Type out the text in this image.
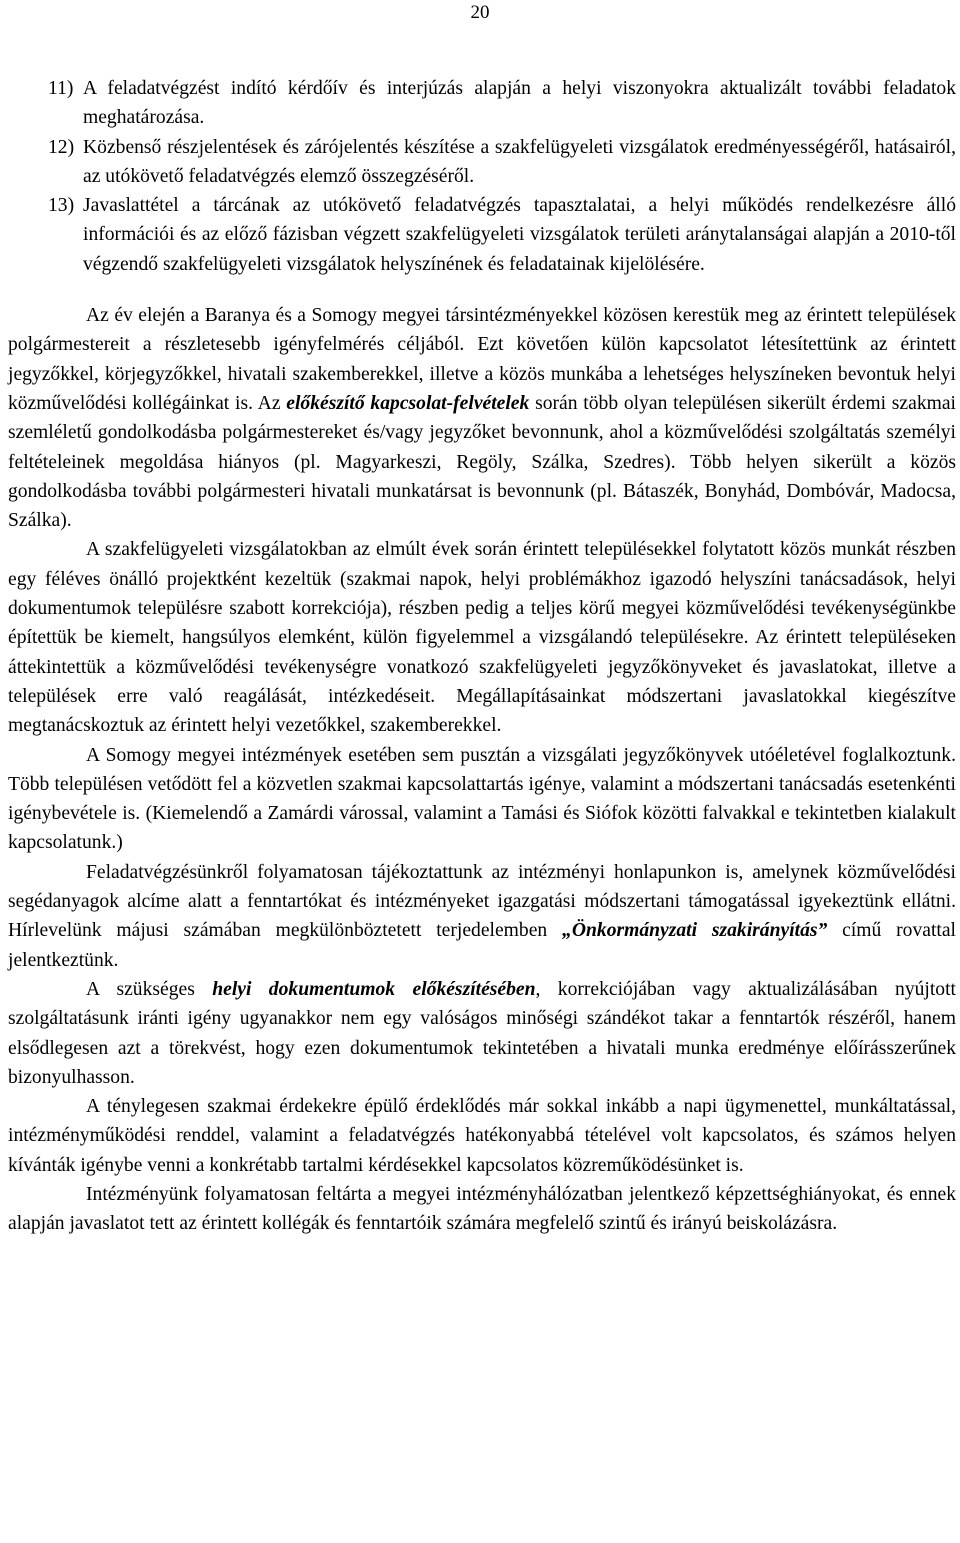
20
11) A feladatvégzést indító kérdőív és interjúzás alapján a helyi viszonyokra aktualizált további feladatok meghatározása.
12) Közbenső részjelentések és zárójelentés készítése a szakfelügyeleti vizsgálatok eredményességéről, hatásairól, az utókövető feladatvégzés elemző összegzéséről.
13) Javaslattétel a tárcának az utókövető feladatvégzés tapasztalatai, a helyi működés rendelkezésre álló információi és az előző fázisban végzett szakfelügyeleti vizsgálatok területi aránytalanságai alapján a 2010-től végzendő szakfelügyeleti vizsgálatok helyszínének és feladatainak kijelölésére.

Az év elején a Baranya és a Somogy megyei társintézményekkel közösen kerestük meg az érintett települések polgármestereit a részletesebb igényfelmérés céljából. Ezt követően külön kapcsolatot létesítettünk az érintett jegyzőkkel, körjegyzőkkel, hivatali szakemberekkel, illetve a közös munkába a lehetséges helyszíneken bevontuk helyi közművelődési kollégáinkat is. Az előkészítő kapcsolat-felvételek során több olyan településen sikerült érdemi szakmai szemléletű gondolkodásba polgármestereket és/vagy jegyzőket bevonnunk, ahol a közművelődési szolgáltatás személyi feltételeinek megoldása hiányos (pl. Magyarkeszi, Regöly, Szálka, Szedres). Több helyen sikerült a közös gondolkodásba további polgármesteri hivatali munkatársat is bevonnunk (pl. Bátaszék, Bonyhád, Dombóvár, Madocsa, Szálka).

A szakfelügyeleti vizsgálatokban az elmúlt évek során érintett településekkel folytatott közös munkát részben egy féléves önálló projektként kezeltük (szakmai napok, helyi problémákhoz igazodó helyszíni tanácsadások, helyi dokumentumok településre szabott korrekciója), részben pedig a teljes körű megyei közművelődési tevékenységünkbe építettük be kiemelt, hangsúlyos elemként, külön figyelemmel a vizsgálandó településekre. Az érintett településeken áttekintettük a közművelődési tevékenységre vonatkozó szakfelügyeleti jegyzőkönyveket és javaslatokat, illetve a települések erre való reagálását, intézkedéseit. Megállapításainkat módszertani javaslatokkal kiegészítve megtanácskoztuk az érintett helyi vezetőkkel, szakemberekkel.

A Somogy megyei intézmények esetében sem pusztán a vizsgálati jegyzőkönyvek utóéletével foglalkoztunk. Több településen vetődött fel a közvetlen szakmai kapcsolattartás igénye, valamint a módszertani tanácsadás esetenkénti igénybevétele is. (Kiemelendő a Zamárdi várossal, valamint a Tamási és Siófok közötti falvakkal e tekintetben kialakult kapcsolatunk.)

Feladatvégzésünkről folyamatosan tájékoztattunk az intézményi honlapunkon is, amelynek közművelődési segédanyagok alcíme alatt a fenntartókat és intézményeket igazgatási módszertani támogatással igyekeztünk ellátni. Hírlevelünk májusi számában megkülönböztetett terjedelemben „Önkormányzati szakirányítás” című rovattal jelentkeztünk.

A szükséges helyi dokumentumok előkészítésében, korrekciójában vagy aktualizálásában nyújtott szolgáltatásunk iránti igény ugyanakkor nem egy valóságos minőségi szándékot takar a fenntartók részéről, hanem elsődlegesen azt a törekvést, hogy ezen dokumentumok tekintetében a hivatali munka eredménye előírásszerűnek bizonyulhasson.

A ténylegesen szakmai érdekekre épülő érdeklődés már sokkal inkább a napi ügymenettel, munkáltatással, intézményműködési renddel, valamint a feladatvégzés hatékonyabbá tételével volt kapcsolatos, és számos helyen kívánták igénybe venni a konkrétabb tartalmi kérdésekkel kapcsolatos közreműködésünket is.

Intézményünk folyamatosan feltárta a megyei intézményhálózatban jelentkező képzettséghiányokat, és ennek alapján javaslatot tett az érintett kollégák és fenntartóik számára megfelelő szintű és irányú beiskolázásra.
